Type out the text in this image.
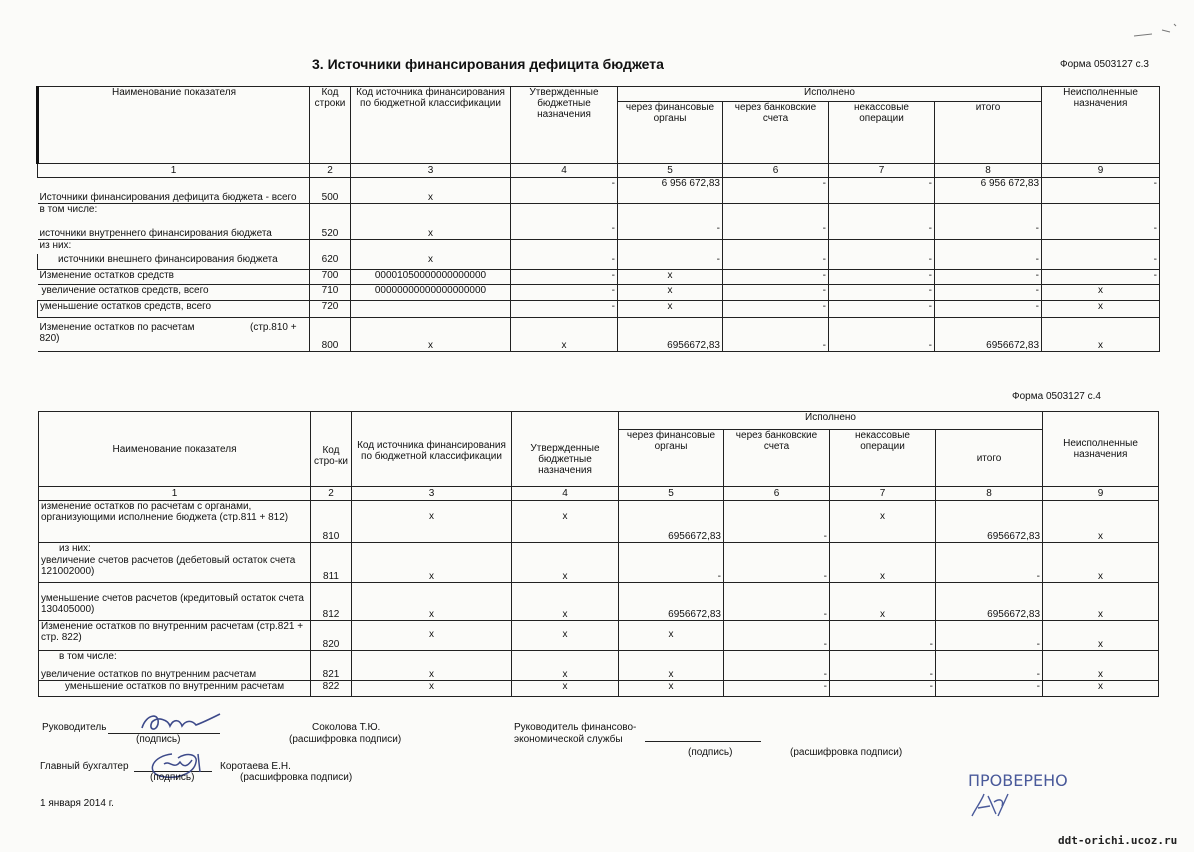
3. Источники финансирования дефицита бюджета	Форма 0503127 с.3
Наименование показателя	Код строки	Код источника финансирования по бюджетной классификации	Утвержденные бюджетные назначения	Исполнено				Неисполненные назначения
				через финансовые органы	через банковские счета	некассовые операции	итого	
1	2	3	4	5	6	7	8	9
Источники финансирования дефицита бюджета - всего	500	x	-	6 956 672,83	-	-	6 956 672,83	-
в том числе:								
источники внутреннего финансирования бюджета	520	x	-	-	-	-	-	-
из них:								
источники внешнего финансирования бюджета	620	x	-	-	-	-	-	-
Изменение остатков средств	700	00001050000000000000	-	x	-	-	-	-
увеличение остатков средств, всего	710	00000000000000000000	-	x	-	-	-	x
уменьшение остатков средств, всего	720		-	x	-	-	-	x
Изменение остатков по расчетам                    (стр.810 + 820)	800	x	x	6956672,83	-	-	6956672,83	x
Форма 0503127 с.4
Наименование показателя	Код стро-ки	Код источника финансирования по бюджетной классификации	Утвержденные бюджетные назначения	Исполнено				Неисполненные назначения
				через финансовые органы	через банковские счета	некассовые операции	итого	
1	2	3	4	5	6	7	8	9
изменение остатков по расчетам с органами, организующими исполнение бюджета (стр.811 + 812)	810	x	x	6956672,83	-	x	6956672,83	x
из них:								
увеличение счетов расчетов (дебетовый остаток счета 121002000)	811	x	x	-	-	x	-	x
уменьшение счетов расчетов (кредитовый остаток счета 130405000)	812	x	x	6956672,83	-	x	6956672,83	x
Изменение остатков по внутренним расчетам (стр.821 + стр. 822)	820	x	x	x	-	-	-	x
в том числе:								
увеличение остатков по внутренним расчетам	821	x	x	x	-	-	-	x
уменьшение остатков по внутренним расчетам	822	x	x	x	-	-	-	x
Руководитель
(подпись)
Соколова Т.Ю.
(расшифровка подписи)
Руководитель финансово-
экономической службы
(подпись)	(расшифровка подписи)
Главный бухгалтер
(подпись)
Коротаева Е.Н.
(расшифровка подписи)
1 января 2014 г.
ПРОВЕРЕНО
ddt-orichi.ucoz.ru
